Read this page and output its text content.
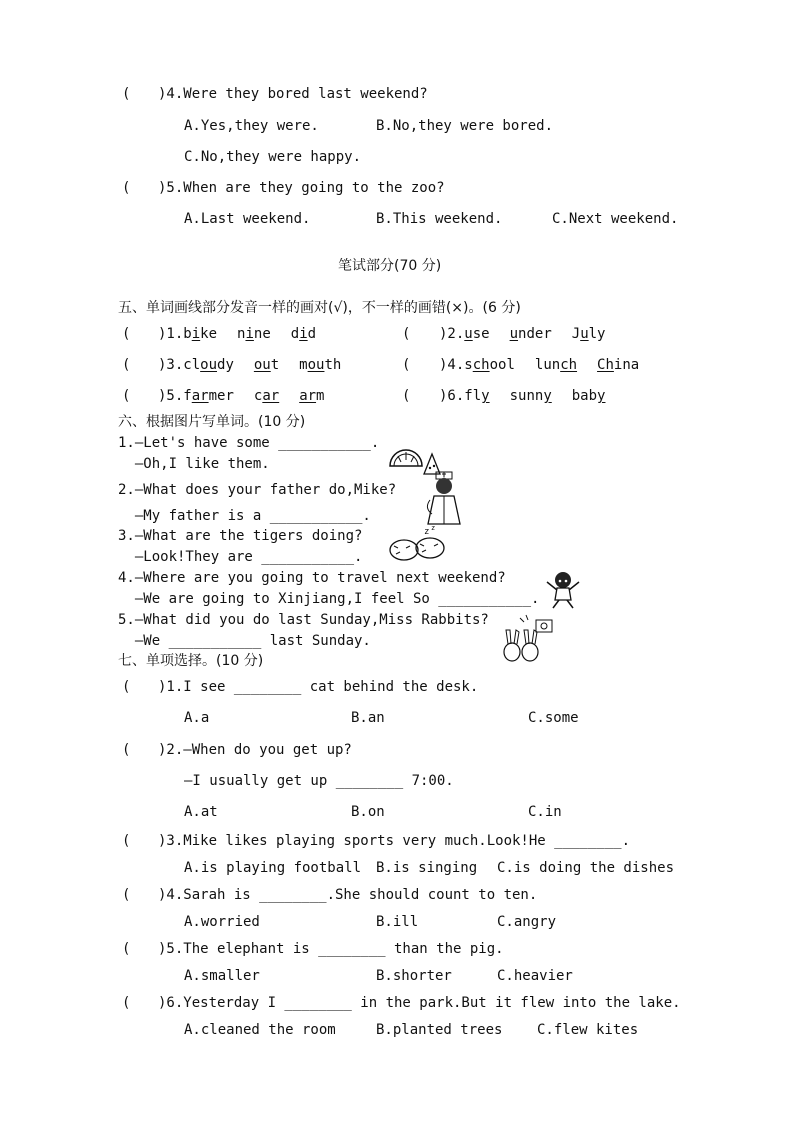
( )4.Were they bored last weekend?
A.Yes,they were.	B.No,they were bored.
C.No,they were happy.
( )5.When are they going to the zoo?
A.Last weekend.	B.This weekend.	C.Next weekend.
笔试部分(70 分)
五、单词画线部分发音一样的画对(√)，不一样的画错(×)。(6 分)
( )1.bike nine did	( )2.use under July
( )3.cloudy out mouth	( )4.school lunch China
( )5.farmer car arm	( )6.fly sunny baby
六、根据图片写单词。(10 分)
1.—Let's have some ___________.
—Oh,I like them.
2.—What does your father do,Mike?
—My father is a ___________.
3.—What are the tigers doing?
—Look!They are ___________.
4.—Where are you going to travel next weekend?
—We are going to Xinjiang,I feel So ___________.
5.—What did you do last Sunday,Miss Rabbits?
—We ___________ last Sunday.
z z
七、单项选择。(10 分)
( )1.I see ________ cat behind the desk.
A.a	B.an	C.some
( )2.—When do you get up?
—I usually get up ________ 7:00.
A.at	B.on	C.in
( )3.Mike likes playing sports very much.Look!He ________.
A.is playing football B.is singing C.is doing the dishes
( )4.Sarah is ________.She should count to ten.
A.worried	B.ill	C.angry
( )5.The elephant is ________ than the pig.
A.smaller	B.shorter	C.heavier
( )6.Yesterday I ________ in the park.But it flew into the lake.
A.cleaned the room	B.planted trees C.flew kites
